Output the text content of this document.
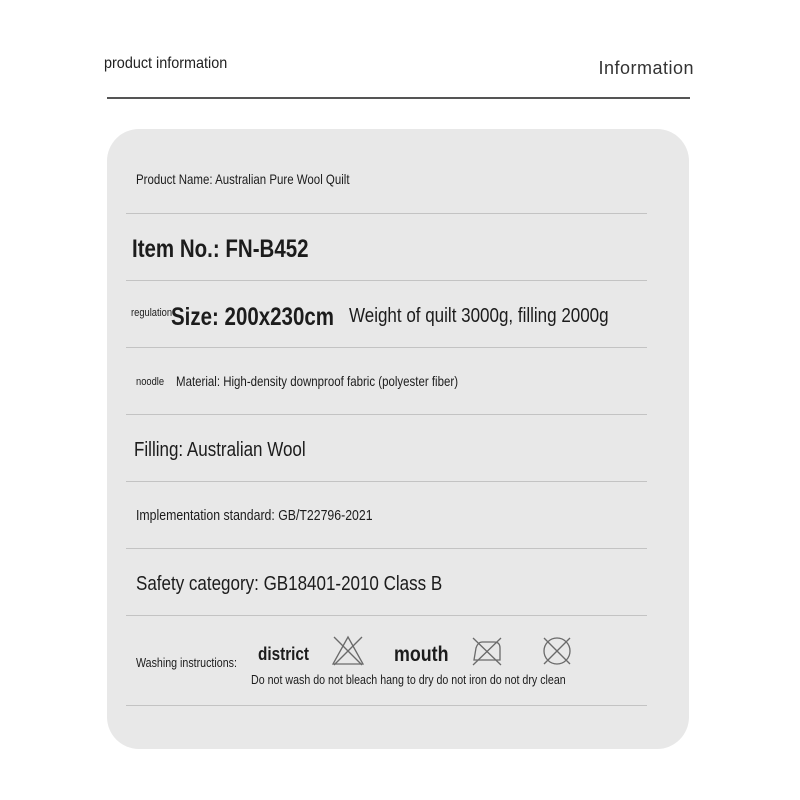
product information	Information
Product Name: Australian Pure Wool Quilt
Item No.: FN-B452
regulation
Size: 200x230cm Weight of quilt 3000g, filling 2000g
noodle Material: High-density downproof fabric (polyester fiber)
Filling: Australian Wool
Implementation standard: GB/T22796-2021
Safety category: GB18401-2010 Class B
Washing instructions: district	mouth
Do not wash do not bleach hang to dry do not iron do not dry clean
